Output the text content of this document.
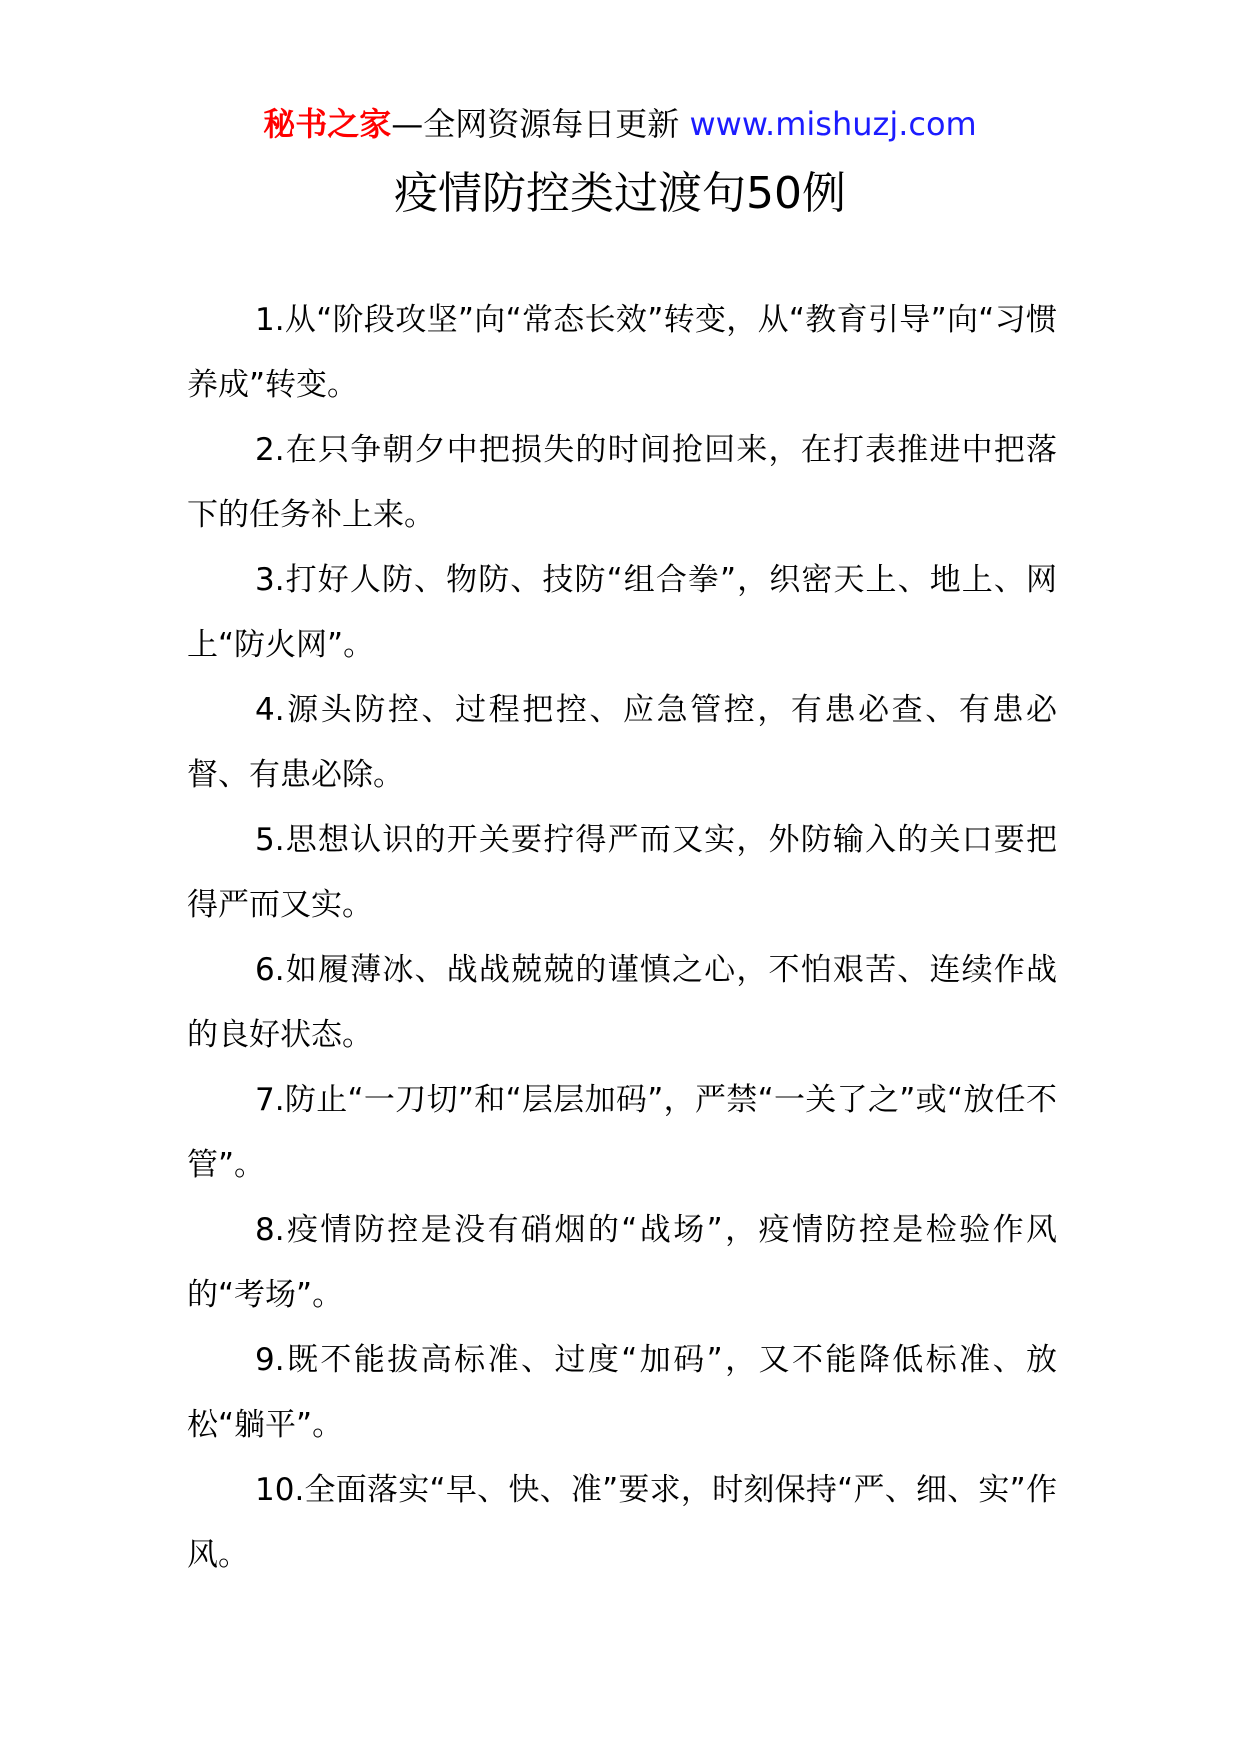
秘书之家—全网资源每日更新 www.mishuzj.com
疫情防控类过渡句50例

1.从“阶段攻坚”向“常态长效”转变，从“教育引导”向“习惯养成”转变。

2.在只争朝夕中把损失的时间抢回来，在打表推进中把落下的任务补上来。

3.打好人防、物防、技防“组合拳”，织密天上、地上、网上“防火网”。

4.源头防控、过程把控、应急管控，有患必查、有患必督、有患必除。

5.思想认识的开关要拧得严而又实，外防输入的关口要把得严而又实。

6.如履薄冰、战战兢兢的谨慎之心，不怕艰苦、连续作战的良好状态。

7.防止“一刀切”和“层层加码”，严禁“一关了之”或“放任不管”。

8.疫情防控是没有硝烟的“战场”，疫情防控是检验作风的“考场”。

9.既不能拔高标准、过度“加码”，又不能降低标准、放松“躺平”。

10.全面落实“早、快、准”要求，时刻保持“严、细、实”作风。
